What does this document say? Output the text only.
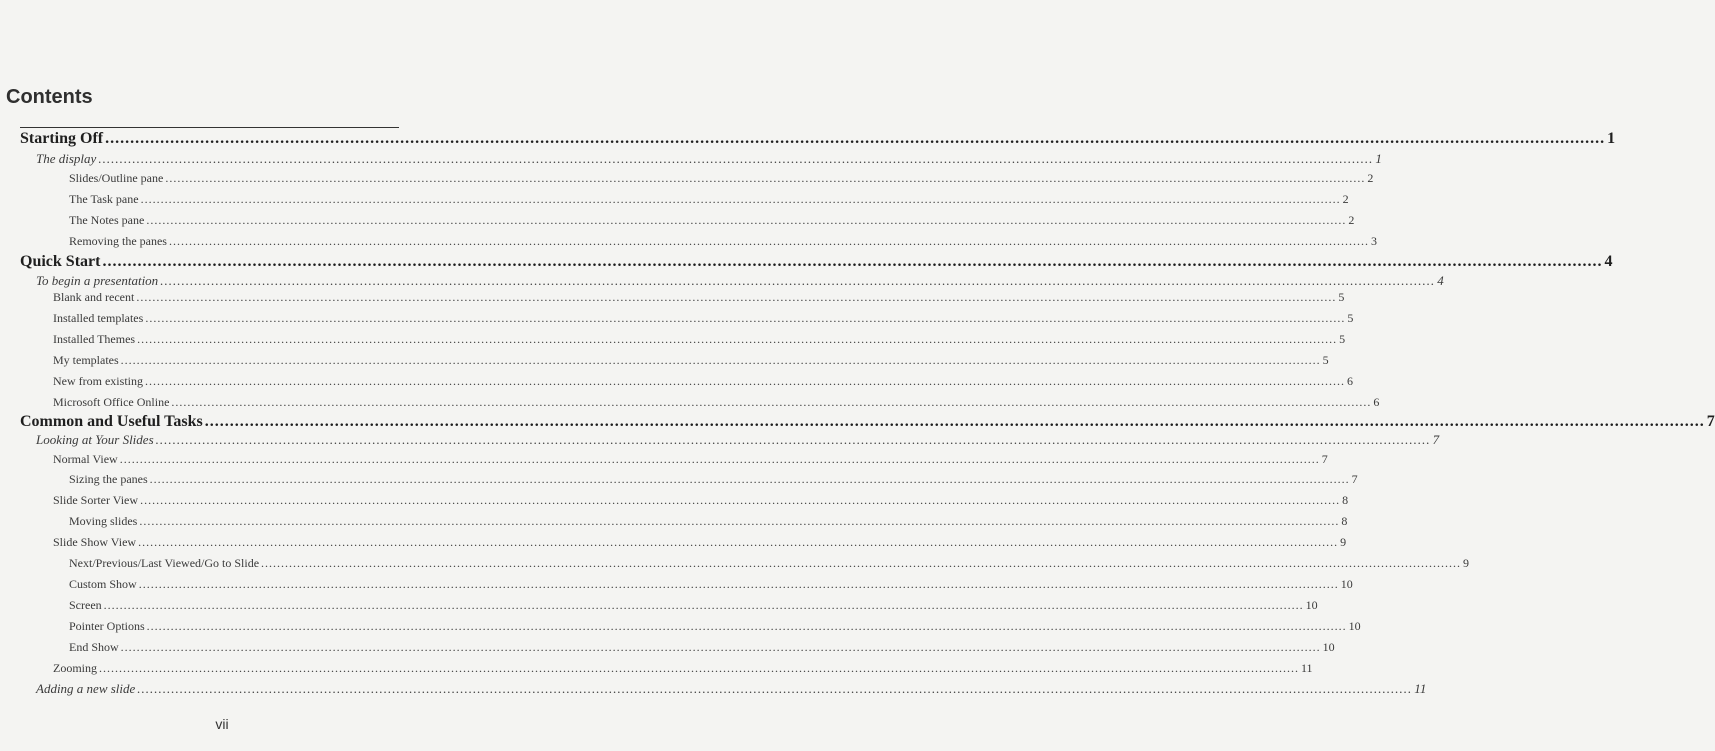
Contents
Starting Off ............................................................................................................................................................................................................................................................................................................ 1
The display ............................................................................................................................................................................................................................................................................................................ 1
Slides/Outline pane ............................................................................................................................................................................................................................................................................................................ 2
The Task pane ............................................................................................................................................................................................................................................................................................................ 2
The Notes pane ............................................................................................................................................................................................................................................................................................................ 2
Removing the panes ............................................................................................................................................................................................................................................................................................................ 3
Quick Start ............................................................................................................................................................................................................................................................................................................ 4
To begin a presentation ............................................................................................................................................................................................................................................................................................................ 4
Blank and recent ............................................................................................................................................................................................................................................................................................................ 5
Installed templates ............................................................................................................................................................................................................................................................................................................ 5
Installed Themes ............................................................................................................................................................................................................................................................................................................ 5
My templates ............................................................................................................................................................................................................................................................................................................ 5
New from existing ............................................................................................................................................................................................................................................................................................................ 6
Microsoft Office Online ............................................................................................................................................................................................................................................................................................................ 6
Common and Useful Tasks ............................................................................................................................................................................................................................................................................................................ 7
Looking at Your Slides ............................................................................................................................................................................................................................................................................................................ 7
Normal View ............................................................................................................................................................................................................................................................................................................ 7
Sizing the panes ............................................................................................................................................................................................................................................................................................................ 7
Slide Sorter View ............................................................................................................................................................................................................................................................................................................ 8
Moving slides ............................................................................................................................................................................................................................................................................................................ 8
Slide Show View ............................................................................................................................................................................................................................................................................................................ 9
Next/Previous/Last Viewed/Go to Slide ............................................................................................................................................................................................................................................................................................................ 9
Custom Show ............................................................................................................................................................................................................................................................................................................ 10
Screen ............................................................................................................................................................................................................................................................................................................ 10
Pointer Options ............................................................................................................................................................................................................................................................................................................ 10
End Show ............................................................................................................................................................................................................................................................................................................ 10
Zooming ............................................................................................................................................................................................................................................................................................................ 11
Adding a new slide ............................................................................................................................................................................................................................................................................................................ 11
vii
